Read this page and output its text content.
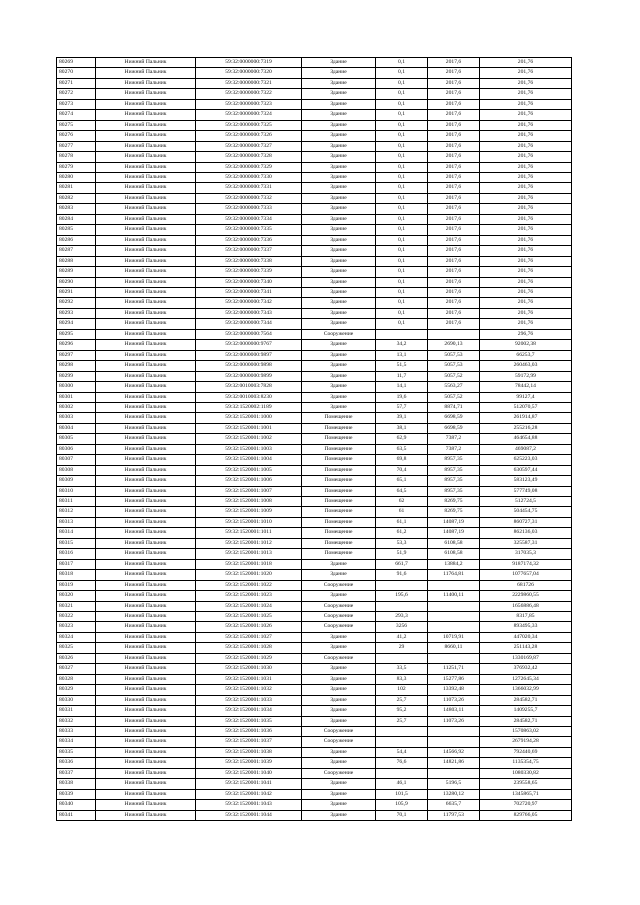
80269	Нижний Пальник	59:32:0000000:7319	Здание	0,1	2017,6	201,76
80270	Нижний Пальник	59:32:0000000:7320	Здание	0,1	2017,6	201,76
80271	Нижний Пальник	59:32:0000000:7321	Здание	0,1	2017,6	201,76
80272	Нижний Пальник	59:32:0000000:7322	Здание	0,1	2017,6	201,76
80273	Нижний Пальник	59:32:0000000:7323	Здание	0,1	2017,6	201,76
80274	Нижний Пальник	59:32:0000000:7324	Здание	0,1	2017,6	201,76
80275	Нижний Пальник	59:32:0000000:7325	Здание	0,1	2017,6	201,76
80276	Нижний Пальник	59:32:0000000:7326	Здание	0,1	2017,6	201,76
80277	Нижний Пальник	59:32:0000000:7327	Здание	0,1	2017,6	201,76
80278	Нижний Пальник	59:32:0000000:7328	Здание	0,1	2017,6	201,76
80279	Нижний Пальник	59:32:0000000:7329	Здание	0,1	2017,6	201,76
80280	Нижний Пальник	59:32:0000000:7330	Здание	0,1	2017,6	201,76
80281	Нижний Пальник	59:32:0000000:7331	Здание	0,1	2017,6	201,76
80282	Нижний Пальник	59:32:0000000:7332	Здание	0,1	2017,6	201,76
80283	Нижний Пальник	59:32:0000000:7333	Здание	0,1	2017,6	201,76
80284	Нижний Пальник	59:32:0000000:7334	Здание	0,1	2017,6	201,76
80285	Нижний Пальник	59:32:0000000:7335	Здание	0,1	2017,6	201,76
80286	Нижний Пальник	59:32:0000000:7336	Здание	0,1	2017,6	201,76
80287	Нижний Пальник	59:32:0000000:7337	Здание	0,1	2017,6	201,76
80288	Нижний Пальник	59:32:0000000:7338	Здание	0,1	2017,6	201,76
80289	Нижний Пальник	59:32:0000000:7339	Здание	0,1	2017,6	201,76
80290	Нижний Пальник	59:32:0000000:7340	Здание	0,1	2017,6	201,76
80291	Нижний Пальник	59:32:0000000:7341	Здание	0,1	2017,6	201,76
80292	Нижний Пальник	59:32:0000000:7342	Здание	0,1	2017,6	201,76
80293	Нижний Пальник	59:32:0000000:7343	Здание	0,1	2017,6	201,76
80294	Нижний Пальник	59:32:0000000:7344	Здание	0,1	2017,6	201,76
80295	Нижний Пальник	59:32:0000000:7564	Сооружение			296,76
80296	Нижний Пальник	59:32:0000000:9767	Здание	34,2	2690,13	92002,38
80297	Нижний Пальник	59:32:0000000:9897	Здание	13,1	5057,53	66253,7
80298	Нижний Пальник	59:32:0000000:9898	Здание	51,5	5057,53	260463,03
80299	Нижний Пальник	59:32:0000000:9899	Здание	11,7	5057,52	59172,99
80300	Нижний Пальник	59:32:0010003:7828	Здание	14,1	5563,27	78442,14
80301	Нижний Пальник	59:32:0010003:8230	Здание	19,6	5057,52	99127,4
80302	Нижний Пальник	59:32:1520002:1189	Здание	57,7	8874,71	512070,57
80303	Нижний Пальник	59:32:1520001:1000	Помещение	39,1	6698,59	261914,87
80304	Нижний Пальник	59:32:1520001:1001	Помещение	38,1	6698,59	255216,28
80305	Нижний Пальник	59:32:1520001:1002	Помещение	62,9	7387,2	464654,88
80306	Нижний Пальник	59:32:1520001:1003	Помещение	63,5	7387,2	469087,2
80307	Нижний Пальник	59:32:1520001:1004	Помещение	69,8	8957,35	625223,03
80308	Нижний Пальник	59:32:1520001:1005	Помещение	70,4	8957,35	630597,44
80309	Нижний Пальник	59:32:1520001:1006	Помещение	65,1	8957,35	583123,49
80310	Нижний Пальник	59:32:1520001:1007	Помещение	64,5	8957,35	577749,08
80311	Нижний Пальник	59:32:1520001:1008	Помещение	62	8269,75	512724,5
80312	Нижний Пальник	59:32:1520001:1009	Помещение	61	8269,75	504454,75
80313	Нижний Пальник	59:32:1520001:1010	Помещение	61,1	14087,19	860727,31
80314	Нижний Пальник	59:32:1520001:1011	Помещение	61,2	14087,19	862136,03
80315	Нижний Пальник	59:32:1520001:1012	Помещение	53,3	6108,58	325587,31
80316	Нижний Пальник	59:32:1520001:1013	Помещение	51,9	6108,58	317035,3
80317	Нижний Пальник	59:32:1520001:1018	Здание	661,7	13884,2	9187174,32
80318	Нижний Пальник	59:32:1520001:1020	Здание	91,6	11764,81	1077657,04
80319	Нижний Пальник	59:32:1520001:1022	Сооружение			681726
80320	Нижний Пальник	59:32:1520001:1023	Здание	195,6	11400,11	2229860,55
80321	Нижний Пальник	59:32:1520001:1024	Сооружение			1656886,48
80322	Нижний Пальник	59:32:1520001:1025	Сооружение	293,3		8317,85
80323	Нижний Пальник	59:32:1520001:1026	Сооружение	3256		893495,33
80324	Нижний Пальник	59:32:1520001:1027	Здание	41,2	10719,91	447020,34
80325	Нижний Пальник	59:32:1520001:1028	Здание	29	8660,11	251143,28
80326	Нижний Пальник	59:32:1520001:1029	Сооружение			1330169,87
80327	Нижний Пальник	59:32:1520001:1030	Здание	33,5	11251,71	376932,42
80328	Нижний Пальник	59:32:1520001:1031	Здание	83,3	15277,86	1272645,34
80329	Нижний Пальник	59:32:1520001:1032	Здание	102	13392,48	1366032,99
80330	Нижний Пальник	59:32:1520001:1033	Здание	25,7	11073,26	284582,71
80331	Нижний Пальник	59:32:1520001:1034	Здание	95,2	14803,11	1409255,7
80332	Нижний Пальник	59:32:1520001:1035	Здание	25,7	11073,26	284582,71
80333	Нижний Пальник	59:32:1520001:1036	Сооружение			1570863,02
80334	Нижний Пальник	59:32:1520001:1037	Сооружение			2679194,28
80335	Нижний Пальник	59:32:1520001:1038	Здание	54,4	14566,92	792440,69
80336	Нижний Пальник	59:32:1520001:1039	Здание	76,6	14821,86	1135354,75
80337	Нижний Пальник	59:32:1520001:1040	Сооружение			1080330,82
80338	Нижний Пальник	59:32:1520001:1041	Здание	46,1	5196,5	239558,65
80339	Нижний Пальник	59:32:1520001:1042	Здание	101,5	13280,12	1345865,71
80340	Нижний Пальник	59:32:1520001:1043	Здание	105,9	6635,7	702720,97
80341	Нижний Пальник	59:32:1520001:1044	Здание	70,1	11797,53	829766,05
